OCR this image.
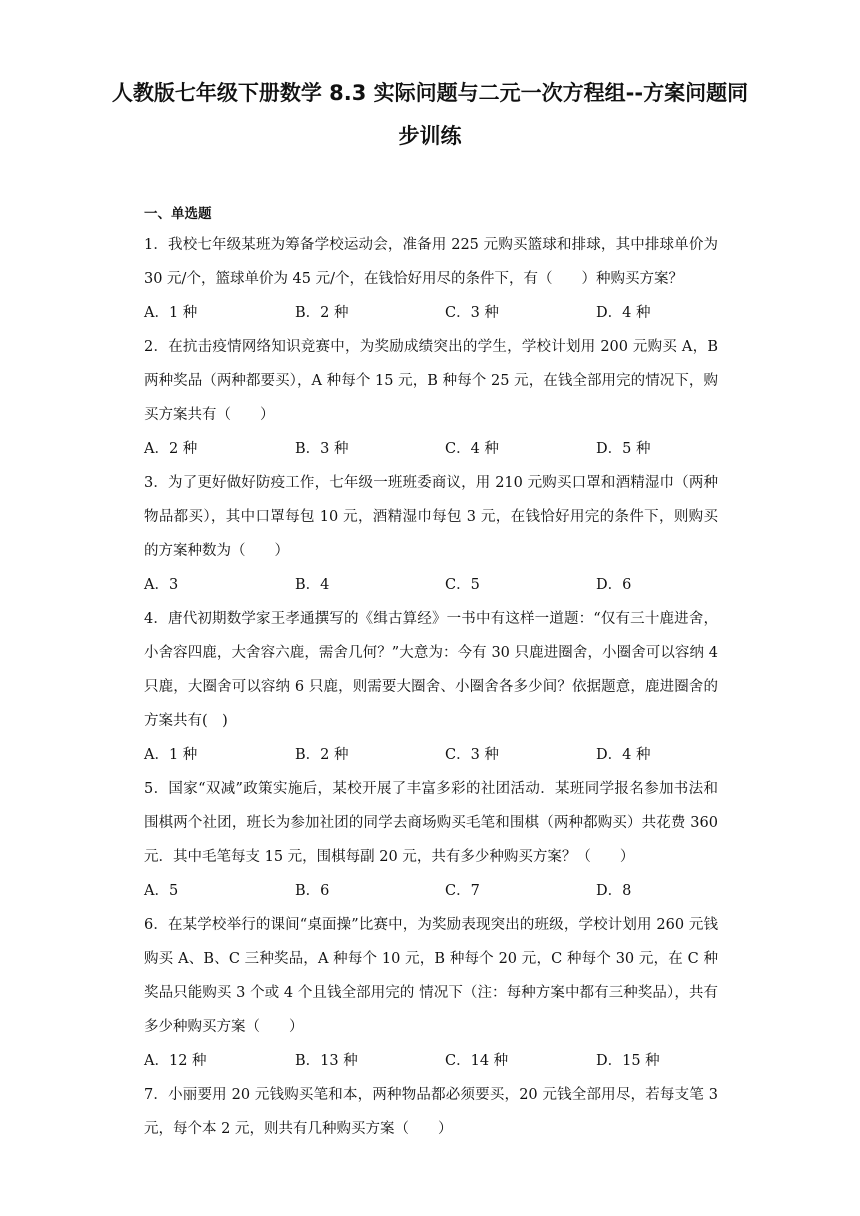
人教版七年级下册数学 8.3 实际问题与二元一次方程组--方案问题同步训练
一、单选题

1．我校七年级某班为筹备学校运动会，准备用 225 元购买篮球和排球，其中排球单价为 30 元/个，篮球单价为 45 元/个，在钱恰好用尽的条件下，有（　　）种购买方案？

A．1 种	B．2 种	C．3 种	D．4 种

2．在抗击疫情网络知识竞赛中，为奖励成绩突出的学生，学校计划用 200 元购买 A，B 两种奖品（两种都要买），A 种每个 15 元，B 种每个 25 元，在钱全部用完的情况下，购买方案共有（　　）

A．2 种	B．3 种	C．4 种	D．5 种

3．为了更好做好防疫工作，七年级一班班委商议，用 210 元购买口罩和酒精湿巾（两种物品都买），其中口罩每包 10 元，酒精湿巾每包 3 元，在钱恰好用完的条件下，则购买的方案种数为（　　）

A．3	B．4	C．5	D．6

4．唐代初期数学家王孝通撰写的《缉古算经》一书中有这样一道题：“仅有三十鹿进舍，小舍容四鹿，大舍容六鹿，需舍几何？”大意为：今有 30 只鹿进圈舍，小圈舍可以容纳 4 只鹿，大圈舍可以容纳 6 只鹿，则需要大圈舍、小圈舍各多少间？依据题意，鹿进圈舍的方案共有(　)

A．1 种	B．2 种	C．3 种	D．4 种

5．国家“双减”政策实施后，某校开展了丰富多彩的社团活动．某班同学报名参加书法和围棋两个社团，班长为参加社团的同学去商场购买毛笔和围棋（两种都购买）共花费 360 元．其中毛笔每支 15 元，围棋每副 20 元，共有多少种购买方案？（　　）

A．5	B．6	C．7	D．8

6．在某学校举行的课间“桌面操”比赛中，为奖励表现突出的班级，学校计划用 260 元钱购买 A、B、C 三种奖品，A 种每个 10 元，B 种每个 20 元，C 种每个 30 元，在 C 种奖品只能购买 3 个或 4 个且钱全部用完的 情况下（注：每种方案中都有三种奖品），共有多少种购买方案（　　）

A．12 种	B．13 种	C．14 种	D．15 种

7．小丽要用 20 元钱购买笔和本，两种物品都必须要买，20 元钱全部用尽，若每支笔 3 元，每个本 2 元，则共有几种购买方案（　　）
